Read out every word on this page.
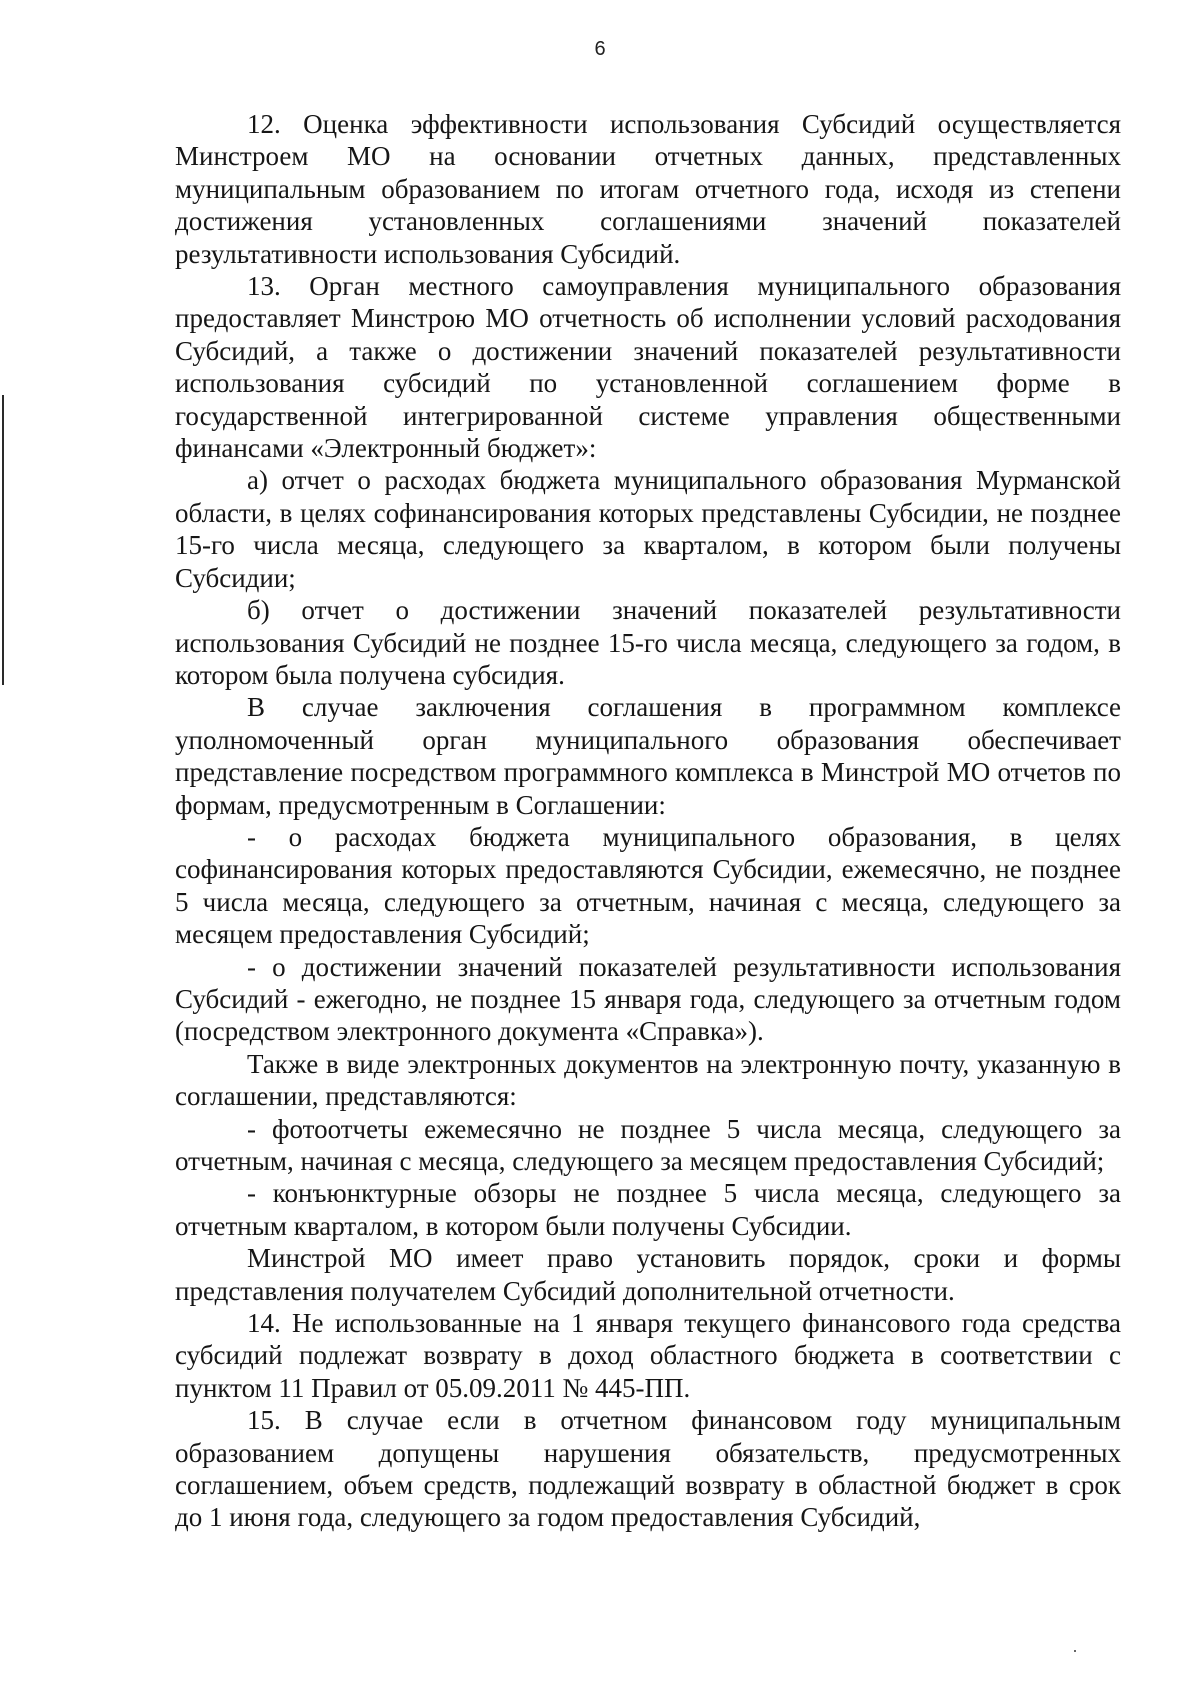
6

12. Оценка эффективности использования Субсидий осуществляется Минстроем МО на основании отчетных данных, представленных муниципальным образованием по итогам отчетного года, исходя из степени достижения установленных соглашениями значений показателей результативности использования Субсидий.

13. Орган местного самоуправления муниципального образования предоставляет Минстрою МО отчетность об исполнении условий расходования Субсидий, а также о достижении значений показателей результативности использования субсидий по установленной соглашением форме в государственной интегрированной системе управления общественными финансами «Электронный бюджет»:

а) отчет о расходах бюджета муниципального образования Мурманской области, в целях софинансирования которых представлены Субсидии, не позднее 15-го числа месяца, следующего за кварталом, в котором были получены Субсидии;

б) отчет о достижении значений показателей результативности использования Субсидий не позднее 15-го числа месяца, следующего за годом, в котором была получена субсидия.

В случае заключения соглашения в программном комплексе уполномоченный орган муниципального образования обеспечивает представление посредством программного комплекса в Минстрой МО отчетов по формам, предусмотренным в Соглашении:

- о расходах бюджета муниципального образования, в целях софинансирования которых предоставляются Субсидии, ежемесячно, не позднее 5 числа месяца, следующего за отчетным, начиная с месяца, следующего за месяцем предоставления Субсидий;

- о достижении значений показателей результативности использования Субсидий - ежегодно, не позднее 15 января года, следующего за отчетным годом (посредством электронного документа «Справка»).

Также в виде электронных документов на электронную почту, указанную в соглашении, представляются:

- фотоотчеты ежемесячно не позднее 5 числа месяца, следующего за отчетным, начиная с месяца, следующего за месяцем предоставления Субсидий;

- конъюнктурные обзоры не позднее 5 числа месяца, следующего за отчетным кварталом, в котором были получены Субсидии.

Минстрой МО имеет право установить порядок, сроки и формы представления получателем Субсидий дополнительной отчетности.

14. Не использованные на 1 января текущего финансового года средства субсидий подлежат возврату в доход областного бюджета в соответствии с пунктом 11 Правил от 05.09.2011 № 445-ПП.

15. В случае если в отчетном финансовом году муниципальным образованием допущены нарушения обязательств, предусмотренных соглашением, объем средств, подлежащий возврату в областной бюджет в срок до 1 июня года, следующего за годом предоставления Субсидий,
